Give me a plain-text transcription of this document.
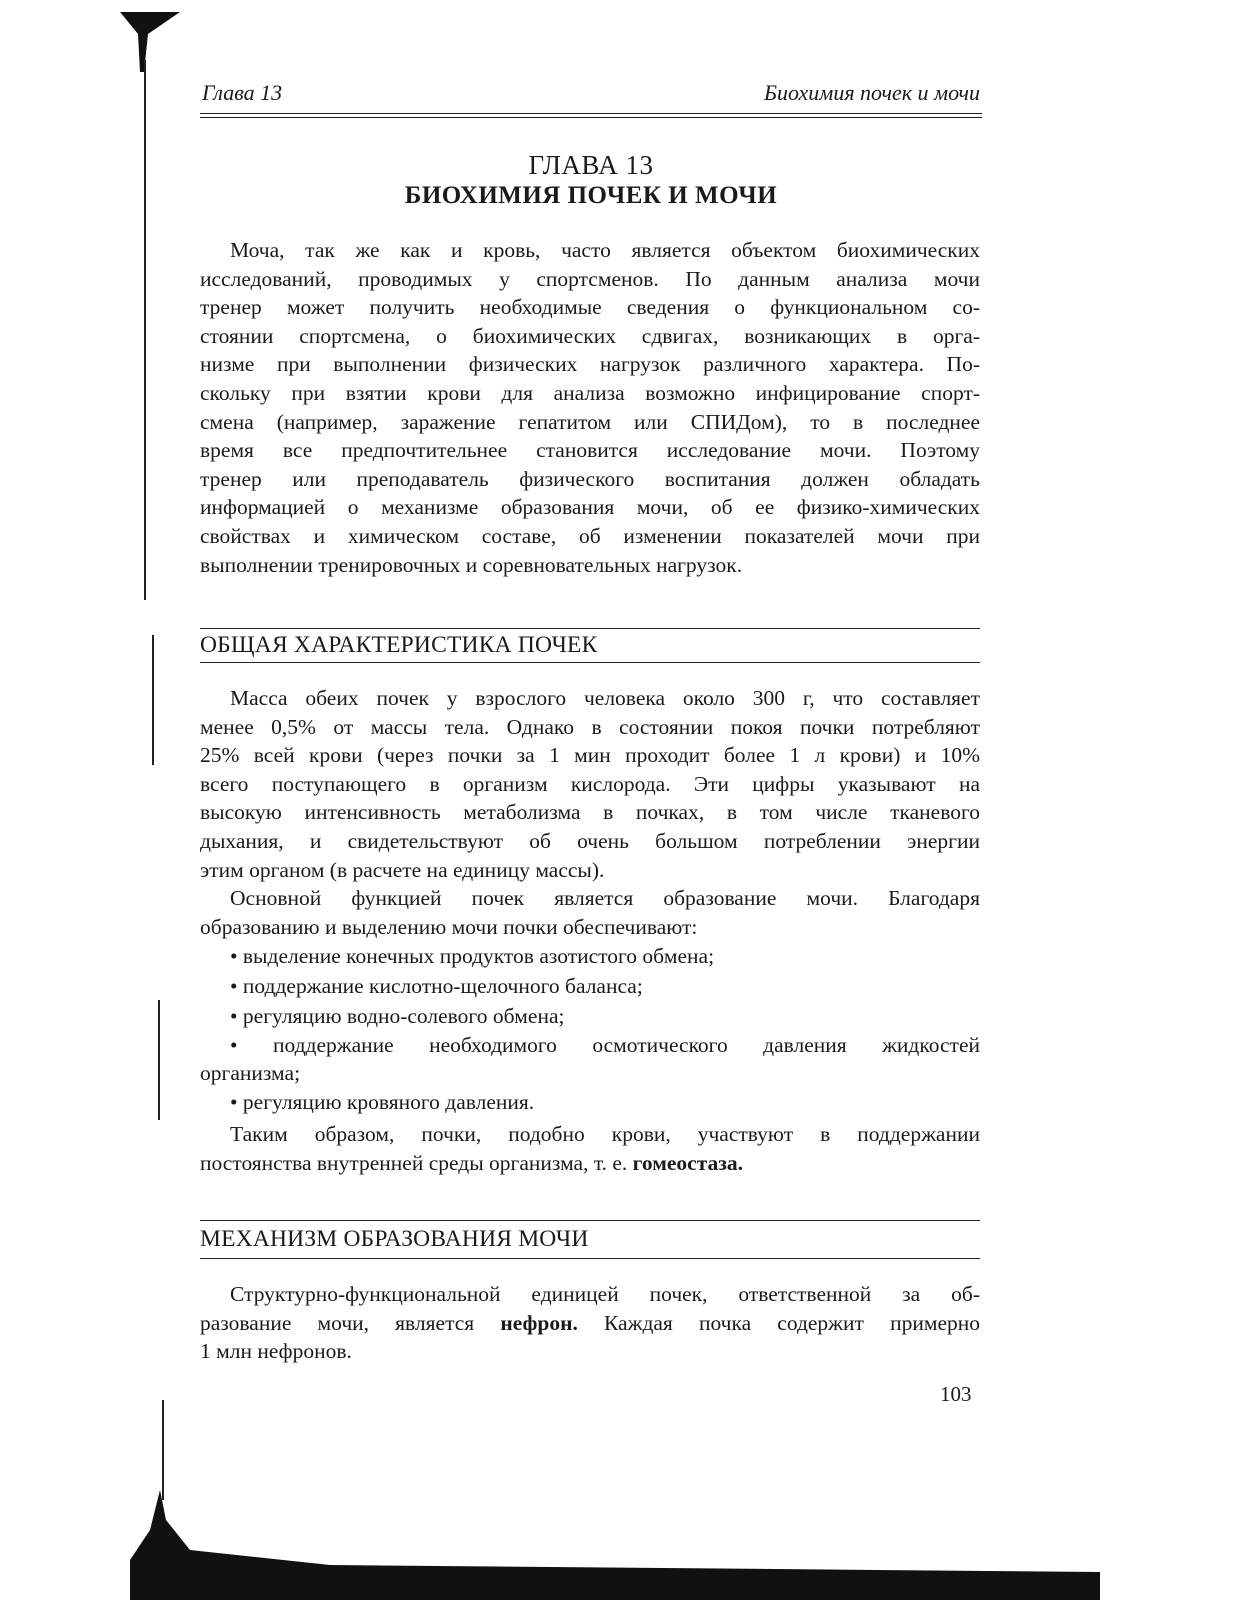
Глава 13	Биохимия почек и мочи
ГЛАВА 13
БИОХИМИЯ ПОЧЕК И МОЧИ
Моча, так же как и кровь, часто является объектом биохимических
исследований, проводимых у спортсменов. По данным анализа мочи
тренер может получить необходимые сведения о функциональном со-
стоянии спортсмена, о биохимических сдвигах, возникающих в орга-
низме при выполнении физических нагрузок различного характера. По-
скольку при взятии крови для анализа возможно инфицирование спорт-
смена (например, заражение гепатитом или СПИДом), то в последнее
время все предпочтительнее становится исследование мочи. Поэтому
тренер или преподаватель физического воспитания должен обладать
информацией о механизме образования мочи, об ее физико-химических
свойствах и химическом составе, об изменении показателей мочи при
выполнении тренировочных и соревновательных нагрузок.
ОБЩАЯ ХАРАКТЕРИСТИКА ПОЧЕК
Масса обеих почек у взрослого человека около 300 г, что составляет
менее 0,5% от массы тела. Однако в состоянии покоя почки потребляют
25% всей крови (через почки за 1 мин проходит более 1 л крови) и 10%
всего поступающего в организм кислорода. Эти цифры указывают на
высокую интенсивность метаболизма в почках, в том числе тканевого
дыхания, и свидетельствуют об очень большом потреблении энергии
этим органом (в расчете на единицу массы).
Основной функцией почек является образование мочи. Благодаря
образованию и выделению мочи почки обеспечивают:
• выделение конечных продуктов азотистого обмена;
• поддержание кислотно-щелочного баланса;
• регуляцию водно-солевого обмена;
• поддержание необходимого осмотического давления жидкостей
организма;
• регуляцию кровяного давления.
Таким образом, почки, подобно крови, участвуют в поддержании
постоянства внутренней среды организма, т. е. гомеостаза.
МЕХАНИЗМ ОБРАЗОВАНИЯ МОЧИ
Структурно-функциональной единицей почек, ответственной за об-
разование мочи, является нефрон. Каждая почка содержит примерно
1 млн нефронов.
103
